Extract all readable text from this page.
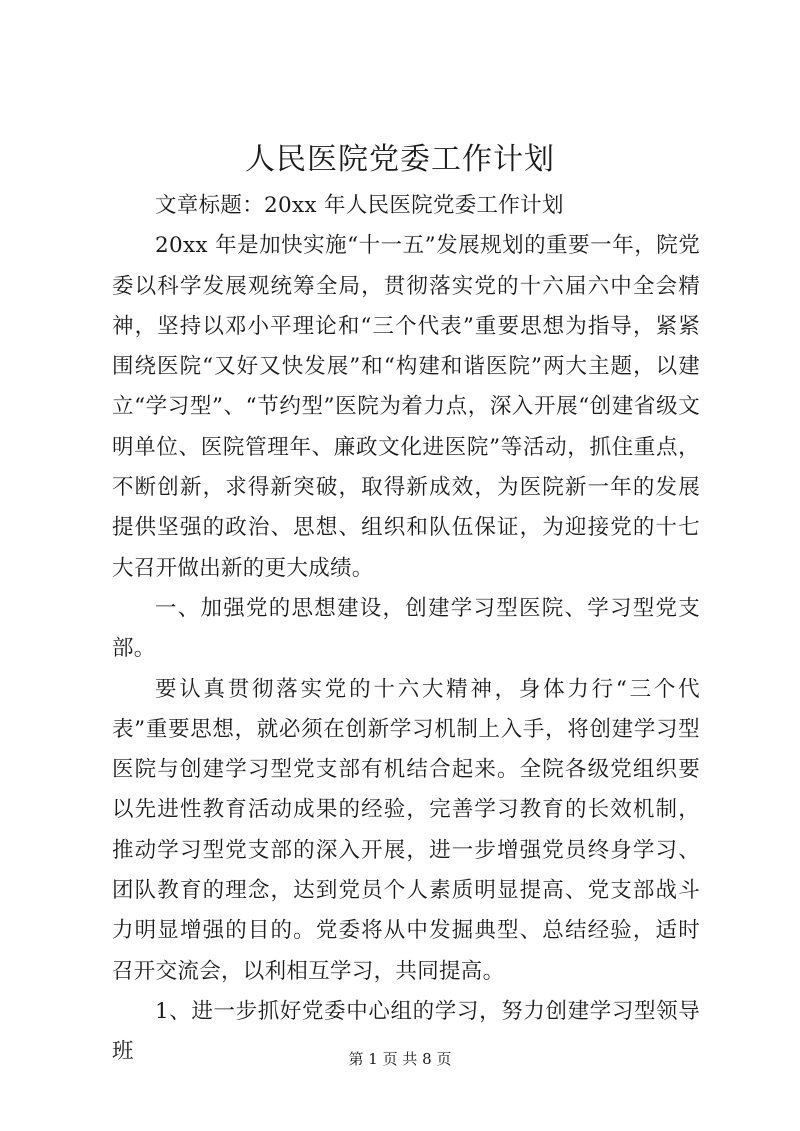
人民医院党委工作计划

文章标题：20xx 年人民医院党委工作计划

20xx 年是加快实施“十一五”发展规划的重要一年，院党委以科学发展观统筹全局，贯彻落实党的十六届六中全会精神，坚持以邓小平理论和“三个代表”重要思想为指导，紧紧围绕医院“又好又快发展”和“构建和谐医院”两大主题，以建立“学习型”、“节约型”医院为着力点，深入开展“创建省级文明单位、医院管理年、廉政文化进医院”等活动，抓住重点，不断创新，求得新突破，取得新成效，为医院新一年的发展提供坚强的政治、思想、组织和队伍保证，为迎接党的十七大召开做出新的更大成绩。

一、加强党的思想建设，创建学习型医院、学习型党支部。

要认真贯彻落实党的十六大精神，身体力行“三个代表”重要思想，就必须在创新学习机制上入手，将创建学习型医院与创建学习型党支部有机结合起来。全院各级党组织要以先进性教育活动成果的经验，完善学习教育的长效机制，推动学习型党支部的深入开展，进一步增强党员终身学习、团队教育的理念，达到党员个人素质明显提高、党支部战斗力明显增强的目的。党委将从中发掘典型、总结经验，适时召开交流会，以利相互学习，共同提高。

1、进一步抓好党委中心组的学习，努力创建学习型领导班	第 1 页 共 8 页
